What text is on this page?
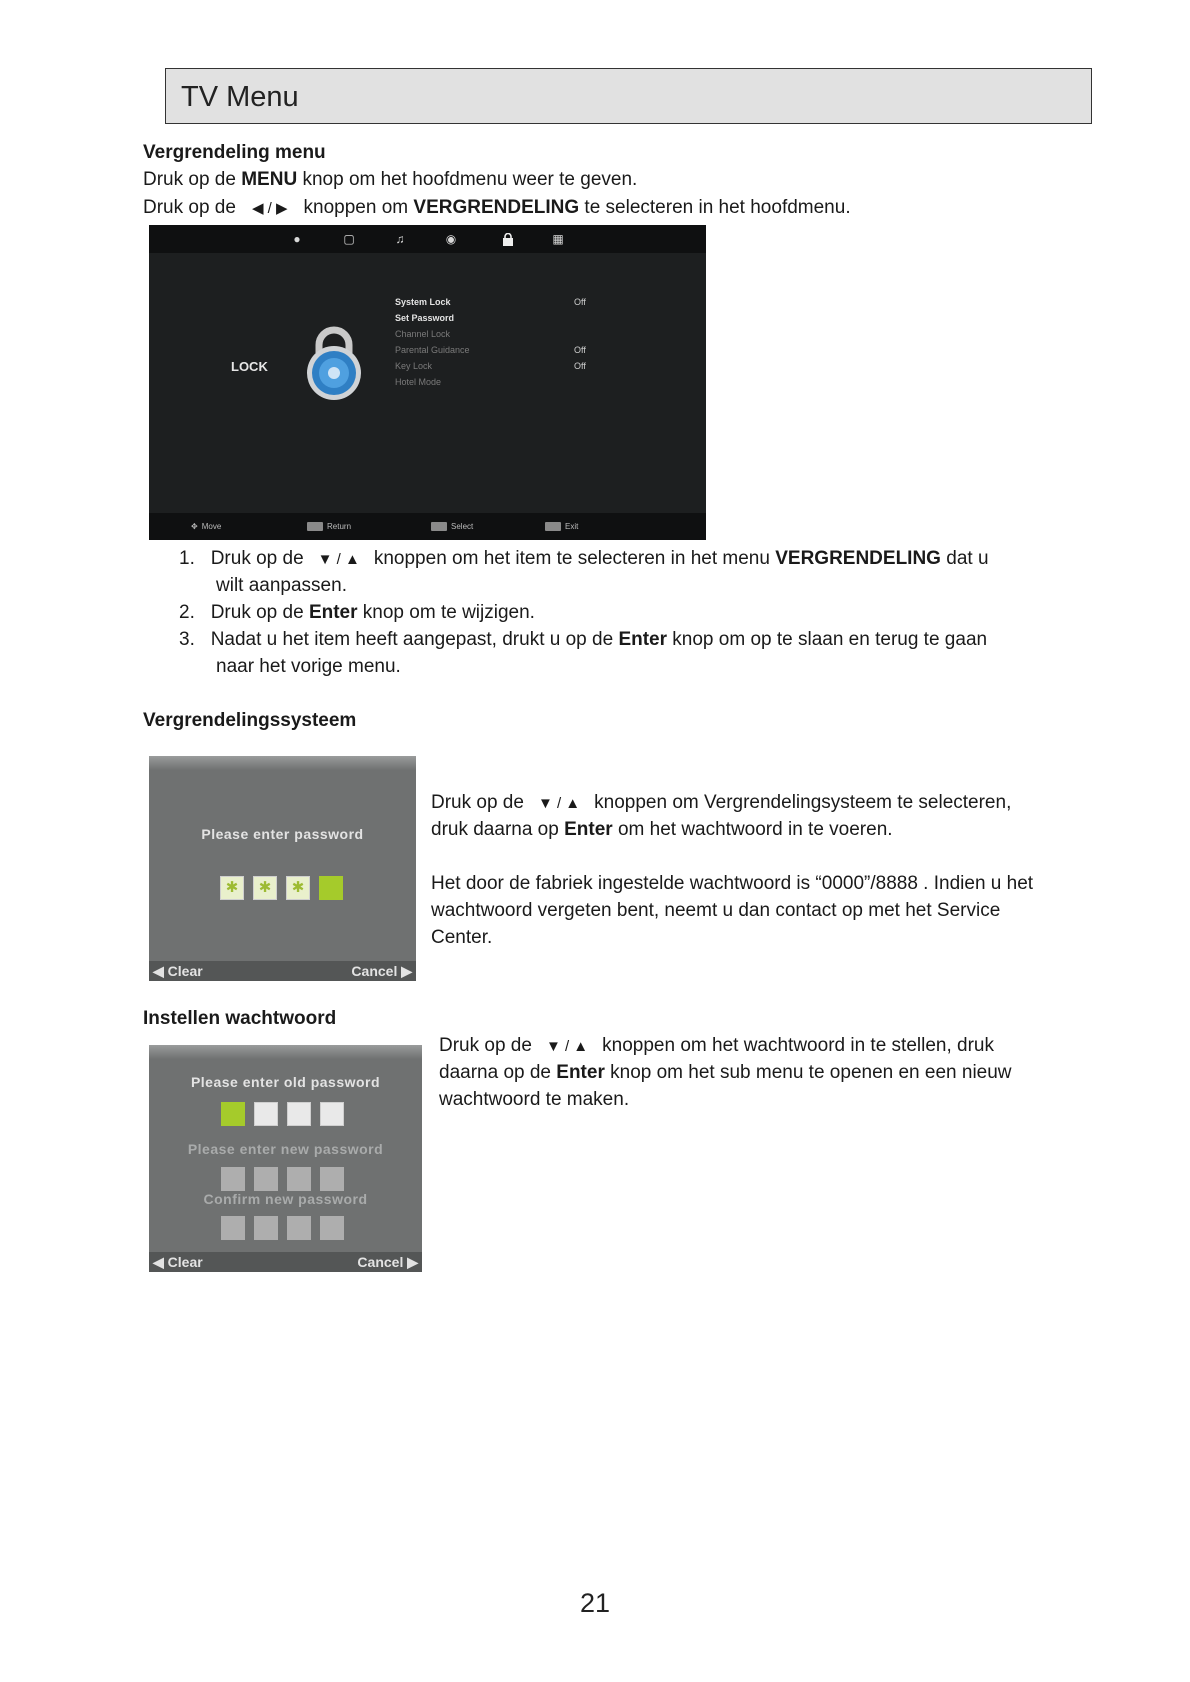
TV Menu
Vergrendeling menu
Druk op de MENU knop om het hoofdmenu weer te geven.
Druk op de ◀ / ▶ knoppen om VERGRENDELING te selecteren in het hoofdmenu.
●	▢	♫	◉	▦
LOCK
System Lock	Off
Set Password
Channel Lock
Parental Guidance	Off
Key Lock	Off
Hotel Mode
✥ Move	Return	Select	Exit
1. Druk op de ▼ / ▲ knoppen om het item te selecteren in het menu VERGRENDELING dat u
wilt aanpassen.
2. Druk op de Enter knop om te wijzigen.
3. Nadat u het item heeft aangepast, drukt u op de Enter knop om op te slaan en terug te gaan
naar het vorige menu.
Vergrendelingssysteem
Please enter password
✱	✱	✱
◀ Clear	Cancel ▶
Druk op de ▼ / ▲ knoppen om Vergrendelingsysteem te selecteren,
druk daarna op Enter om het wachtwoord in te voeren.
Het door de fabriek ingestelde wachtwoord is “0000”/8888 . Indien u het
wachtwoord vergeten bent, neemt u dan contact op met het Service
Center.
Instellen wachtwoord
Please enter old password
Please enter new password
Confirm new password
◀ Clear	Cancel ▶
Druk op de ▼ / ▲ knoppen om het wachtwoord in te stellen, druk
daarna op de Enter knop om het sub menu te openen en een nieuw
wachtwoord te maken.
21
